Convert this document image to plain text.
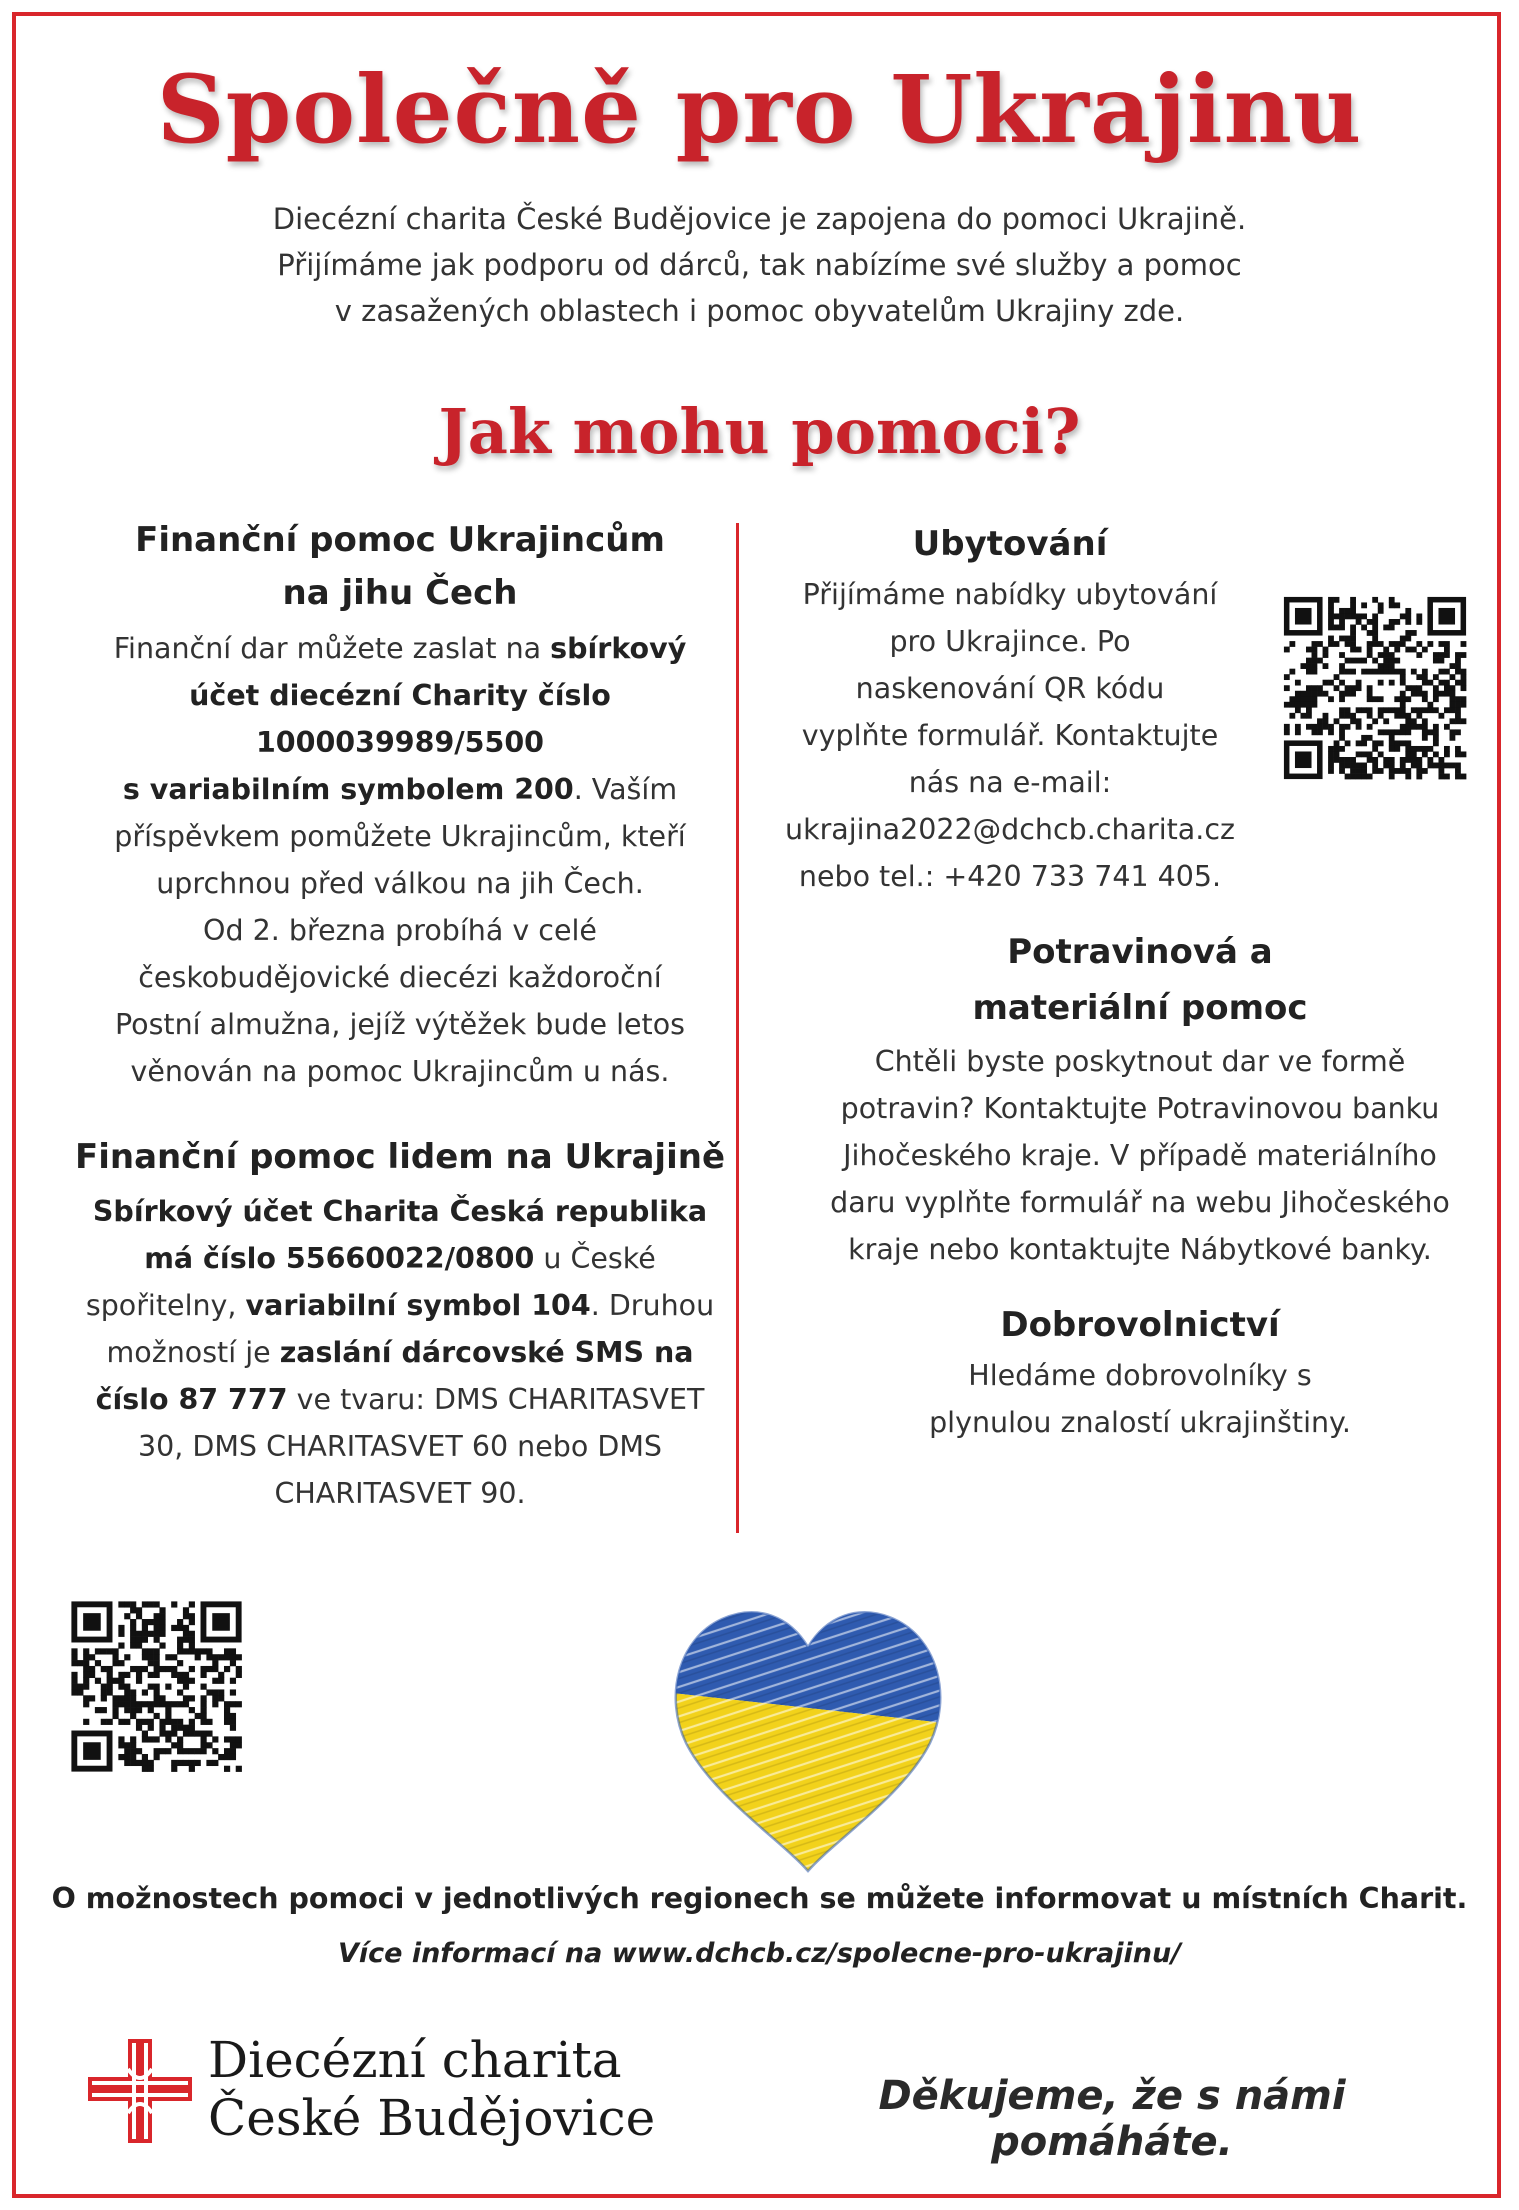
Společně pro Ukrajinu
Diecézní charita České Budějovice je zapojena do pomoci Ukrajině.
Přijímáme jak podporu od dárců, tak nabízíme své služby a pomoc
v zasažených oblastech i pomoc obyvatelům Ukrajiny zde.
Jak mohu pomoci?
Finanční pomoc Ukrajincům
na jihu Čech

Finanční dar můžete zaslat na sbírkový účet diecézní Charity číslo 1000039989/5500
s variabilním symbolem 200. Vaším příspěvkem pomůžete Ukrajincům, kteří uprchnou před válkou na jih Čech.

Od 2. března probíhá v celé českobudějovické diecézi každoroční Postní almužna, jejíž výtěžek bude letos věnován na pomoc Ukrajincům u nás.

Finanční pomoc lidem na Ukrajině

Sbírkový účet Charita Česká republika má číslo 55660022/0800 u České spořitelny, variabilní symbol 104. Druhou možností je zaslání dárcovské SMS na číslo 87 777 ve tvaru: DMS CHARITASVET 30, DMS CHARITASVET 60 nebo DMS CHARITASVET 90.

Ubytování

Přijímáme nabídky ubytování pro Ukrajince. Po naskenování QR kódu vyplňte formulář. Kontaktujte nás na e-mail:

ukrajina2022@dchcb.charita.cz

nebo tel.: +420 733 741 405.

Potravinová a materiální pomoc

Chtěli byste poskytnout dar ve formě potravin? Kontaktujte Potravinovou banku Jihočeského kraje. V případě materiálního daru vyplňte formulář na webu Jihočeského kraje nebo kontaktujte Nábytkové banky.

Dobrovolnictví

Hledáme dobrovolníky s plynulou znalostí ukrajinštiny.

O možnostech pomoci v jednotlivých regionech se můžete informovat u místních Charit.

Více informací na www.dchcb.cz/spolecne-pro-ukrajinu/

Diecézní charita
České Budějovice	Děkujeme, že s námi pomáháte.
